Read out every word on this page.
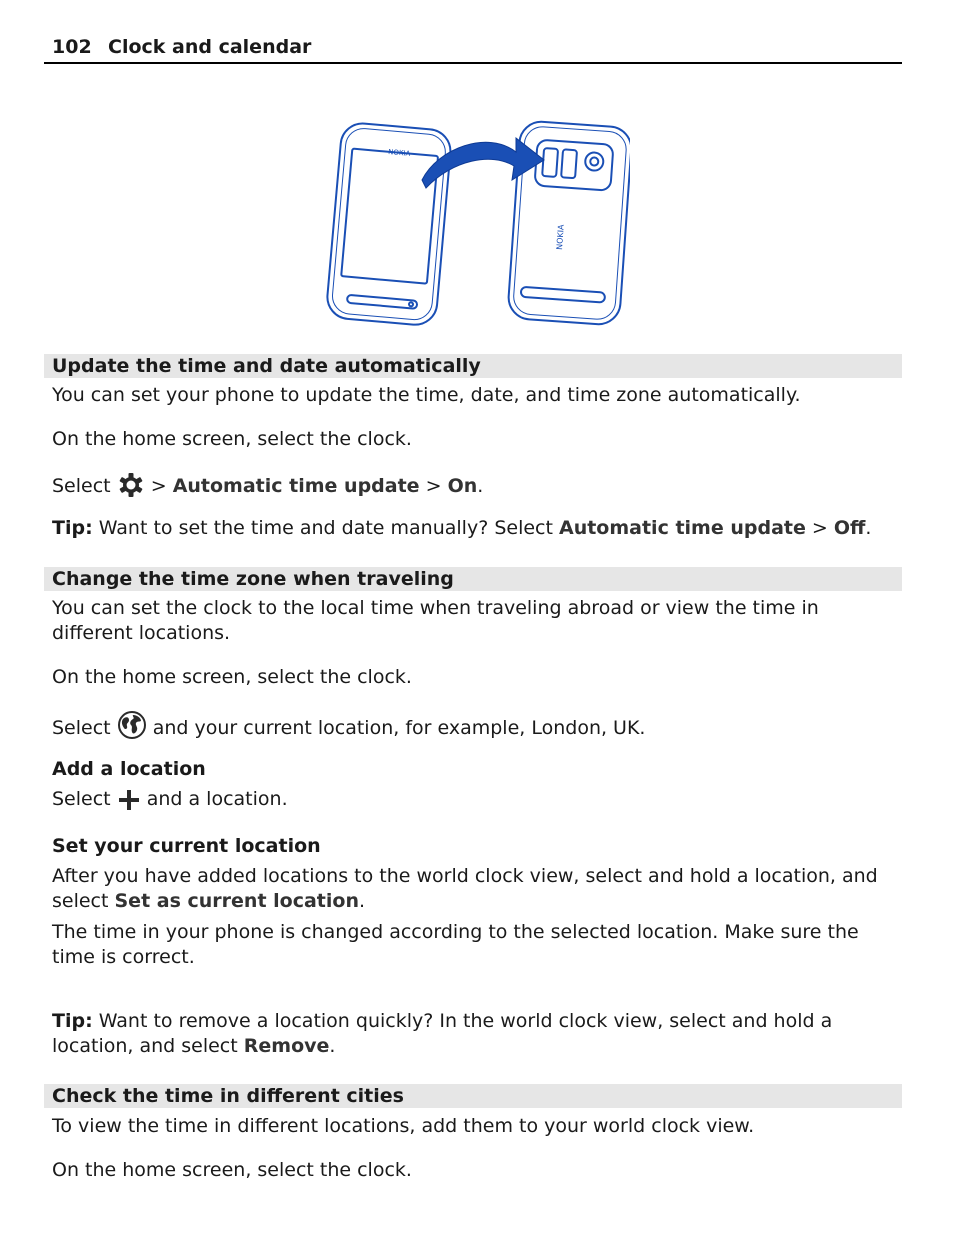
102 Clock and calendar
NOKIA
NOKIA
Update the time and date automatically
You can set your phone to update the time, date, and time zone automatically.
On the home screen, select the clock.
Select > Automatic time update > On.
Tip: Want to set the time and date manually? Select Automatic time update > Off.
Change the time zone when traveling
You can set the clock to the local time when traveling abroad or view the time in different locations.
On the home screen, select the clock.
Select and your current location, for example, London, UK.
Add a location
Select and a location.
Set your current location
After you have added locations to the world clock view, select and hold a location, and select Set as current location.
The time in your phone is changed according to the selected location. Make sure the time is correct.
Tip: Want to remove a location quickly? In the world clock view, select and hold a location, and select Remove.
Check the time in different cities
To view the time in different locations, add them to your world clock view.
On the home screen, select the clock.
